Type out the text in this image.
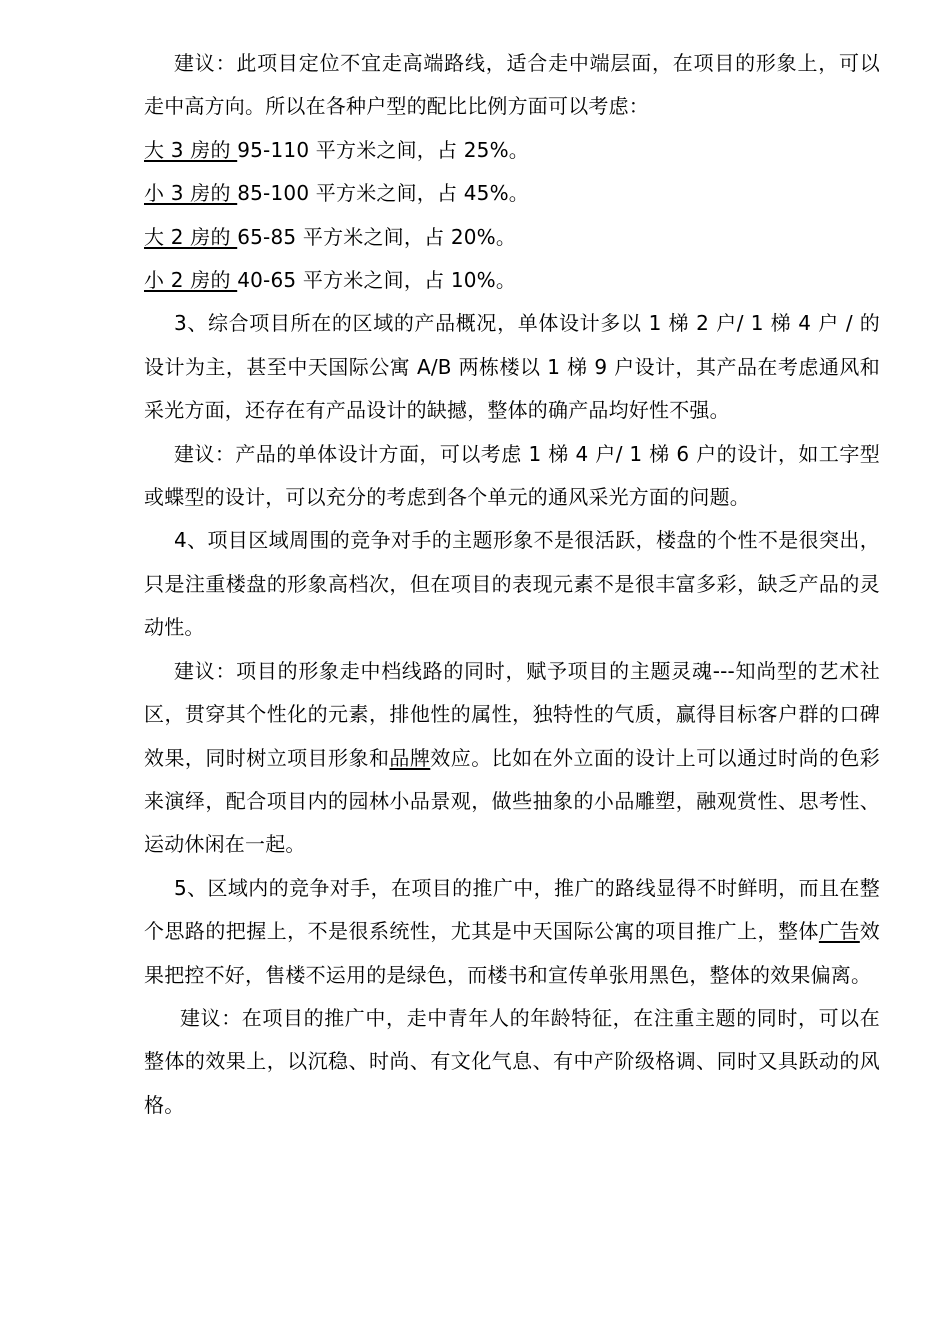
建议：此项目定位不宜走高端路线，适合走中端层面，在项目的形象上，可以走中高方向。所以在各种户型的配比比例方面可以考虑：

大 3 房的 95-110 平方米之间，占 25%。

小 3 房的 85-100 平方米之间，占 45%。

大 2 房的 65-85 平方米之间，占 20%。

小 2 房的 40-65 平方米之间，占 10%。

3、综合项目所在的区域的产品概况，单体设计多以 1 梯 2 户/ 1 梯 4 户 / 的设计为主，甚至中天国际公寓 A/B 两栋楼以 1 梯 9 户设计，其产品在考虑通风和采光方面，还存在有产品设计的缺撼，整体的确产品均好性不强。

建议：产品的单体设计方面，可以考虑 1 梯 4 户/ 1 梯 6 户的设计，如工字型或蝶型的设计，可以充分的考虑到各个单元的通风采光方面的问题。

4、项目区域周围的竞争对手的主题形象不是很活跃，楼盘的个性不是很突出，只是注重楼盘的形象高档次，但在项目的表现元素不是很丰富多彩，缺乏产品的灵动性。

建议：项目的形象走中档线路的同时，赋予项目的主题灵魂---知尚型的艺术社区，贯穿其个性化的元素，排他性的属性，独特性的气质，赢得目标客户群的口碑效果，同时树立项目形象和品牌效应。比如在外立面的设计上可以通过时尚的色彩来演绎，配合项目内的园林小品景观，做些抽象的小品雕塑，融观赏性、思考性、运动休闲在一起。

5、区域内的竞争对手，在项目的推广中，推广的路线显得不时鲜明，而且在整个思路的把握上，不是很系统性，尤其是中天国际公寓的项目推广上，整体广告效果把控不好，售楼不运用的是绿色，而楼书和宣传单张用黑色，整体的效果偏离。

建议：在项目的推广中，走中青年人的年龄特征，在注重主题的同时，可以在整体的效果上，以沉稳、时尚、有文化气息、有中产阶级格调、同时又具跃动的风格。
